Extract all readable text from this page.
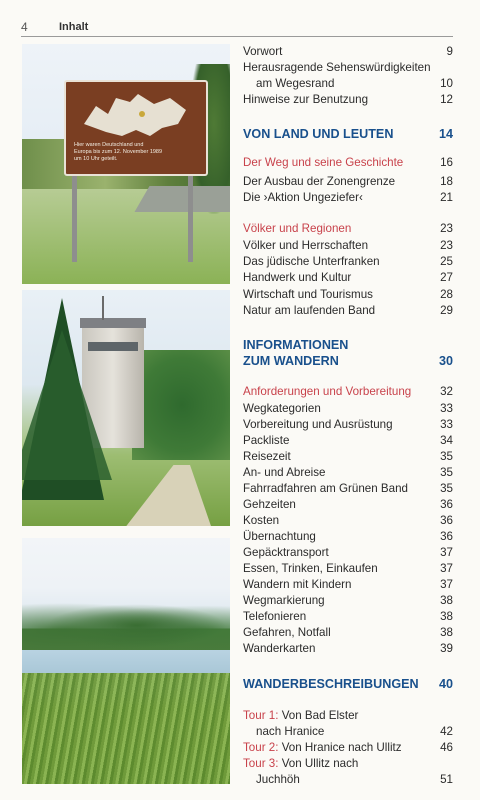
4	Inhalt
Hier waren Deutschland und
Europa bis zum 12. November 1989
um 10 Uhr geteilt.
Vorwort	9
Herausragende Sehenswürdigkeiten
am Wegesrand	10
Hinweise zur Benutzung	12
VON LAND UND LEUTEN	14
Der Weg und seine Geschichte	16
Der Ausbau der Zonengrenze	18
Die ›Aktion Ungeziefer‹	21
Völker und Regionen	23
Völker und Herrschaften	23
Das jüdische Unterfranken	25
Handwerk und Kultur	27
Wirtschaft und Tourismus	28
Natur am laufenden Band	29
INFORMATIONEN
ZUM WANDERN	30
Anforderungen und Vorbereitung 32
Wegkategorien	33
Vorbereitung und Ausrüstung	33
Packliste	34
Reisezeit	35
An- und Abreise	35
Fahrradfahren am Grünen Band	35
Gehzeiten	36
Kosten	36
Übernachtung	36
Gepäcktransport	37
Essen, Trinken, Einkaufen	37
Wandern mit Kindern	37
Wegmarkierung	38
Telefonieren	38
Gefahren, Notfall	38
Wanderkarten	39
WANDERBESCHREIBUNGEN 40
Tour 1: Von Bad Elster
nach Hranice	42
Tour 2: Von Hranice nach Ullitz	46
Tour 3: Von Ullitz nach
Juchhöh	51
